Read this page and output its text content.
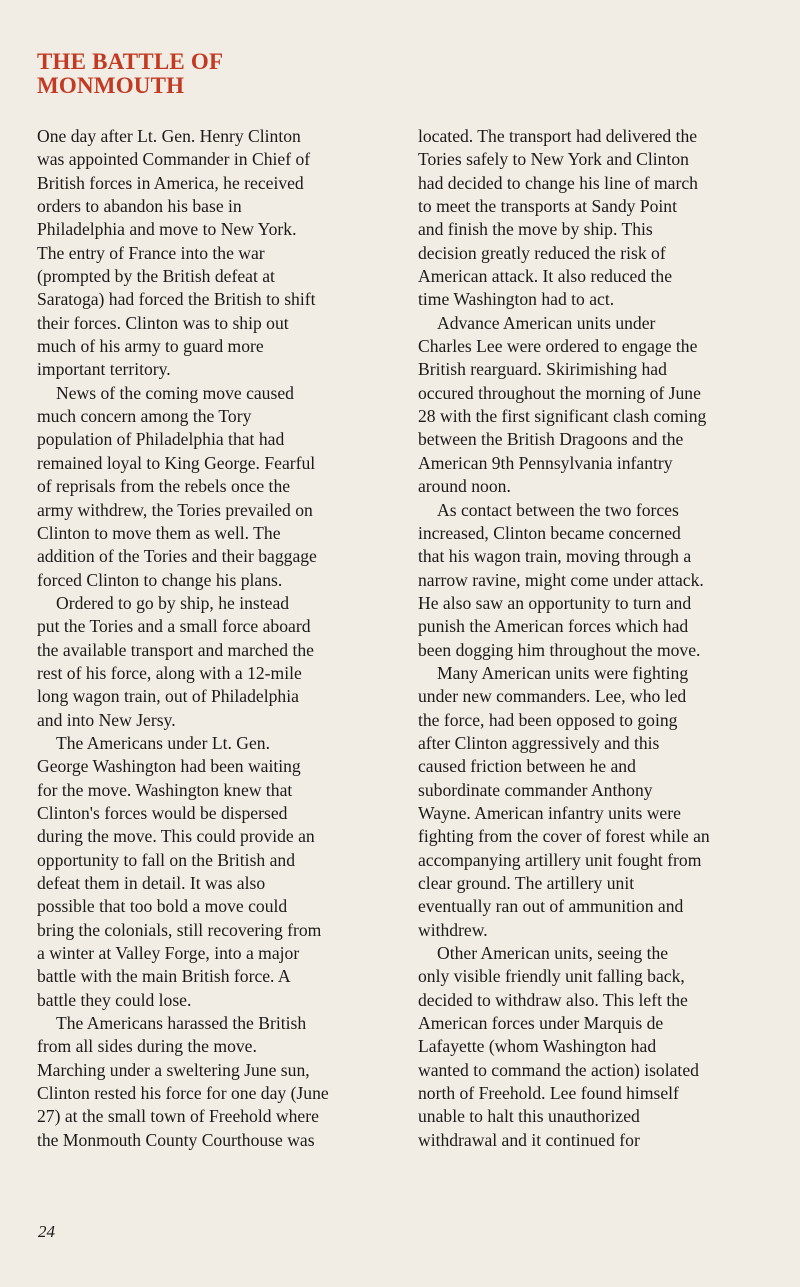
THE BATTLE OF
MONMOUTH
One day after Lt. Gen. Henry Clinton
was appointed Commander in Chief of
British forces in America, he received
orders to abandon his base in
Philadelphia and move to New York.
The entry of France into the war
(prompted by the British defeat at
Saratoga) had forced the British to shift
their forces. Clinton was to ship out
much of his army to guard more
important territory.
News of the coming move caused
much concern among the Tory
population of Philadelphia that had
remained loyal to King George. Fearful
of reprisals from the rebels once the
army withdrew, the Tories prevailed on
Clinton to move them as well. The
addition of the Tories and their baggage
forced Clinton to change his plans.
Ordered to go by ship, he instead
put the Tories and a small force aboard
the available transport and marched the
rest of his force, along with a 12-mile
long wagon train, out of Philadelphia
and into New Jersy.
The Americans under Lt. Gen.
George Washington had been waiting
for the move. Washington knew that
Clinton's forces would be dispersed
during the move. This could provide an
opportunity to fall on the British and
defeat them in detail. It was also
possible that too bold a move could
bring the colonials, still recovering from
a winter at Valley Forge, into a major
battle with the main British force. A
battle they could lose.
The Americans harassed the British
from all sides during the move.
Marching under a sweltering June sun,
Clinton rested his force for one day (June
27) at the small town of Freehold where
the Monmouth County Courthouse was
located. The transport had delivered the
Tories safely to New York and Clinton
had decided to change his line of march
to meet the transports at Sandy Point
and finish the move by ship. This
decision greatly reduced the risk of
American attack. It also reduced the
time Washington had to act.
Advance American units under
Charles Lee were ordered to engage the
British rearguard. Skirimishing had
occured throughout the morning of June
28 with the first significant clash coming
between the British Dragoons and the
American 9th Pennsylvania infantry
around noon.
As contact between the two forces
increased, Clinton became concerned
that his wagon train, moving through a
narrow ravine, might come under attack.
He also saw an opportunity to turn and
punish the American forces which had
been dogging him throughout the move.
Many American units were fighting
under new commanders. Lee, who led
the force, had been opposed to going
after Clinton aggressively and this
caused friction between he and
subordinate commander Anthony
Wayne. American infantry units were
fighting from the cover of forest while an
accompanying artillery unit fought from
clear ground. The artillery unit
eventually ran out of ammunition and
withdrew.
Other American units, seeing the
only visible friendly unit falling back,
decided to withdraw also. This left the
American forces under Marquis de
Lafayette (whom Washington had
wanted to command the action) isolated
north of Freehold. Lee found himself
unable to halt this unauthorized
withdrawal and it continued for
24
